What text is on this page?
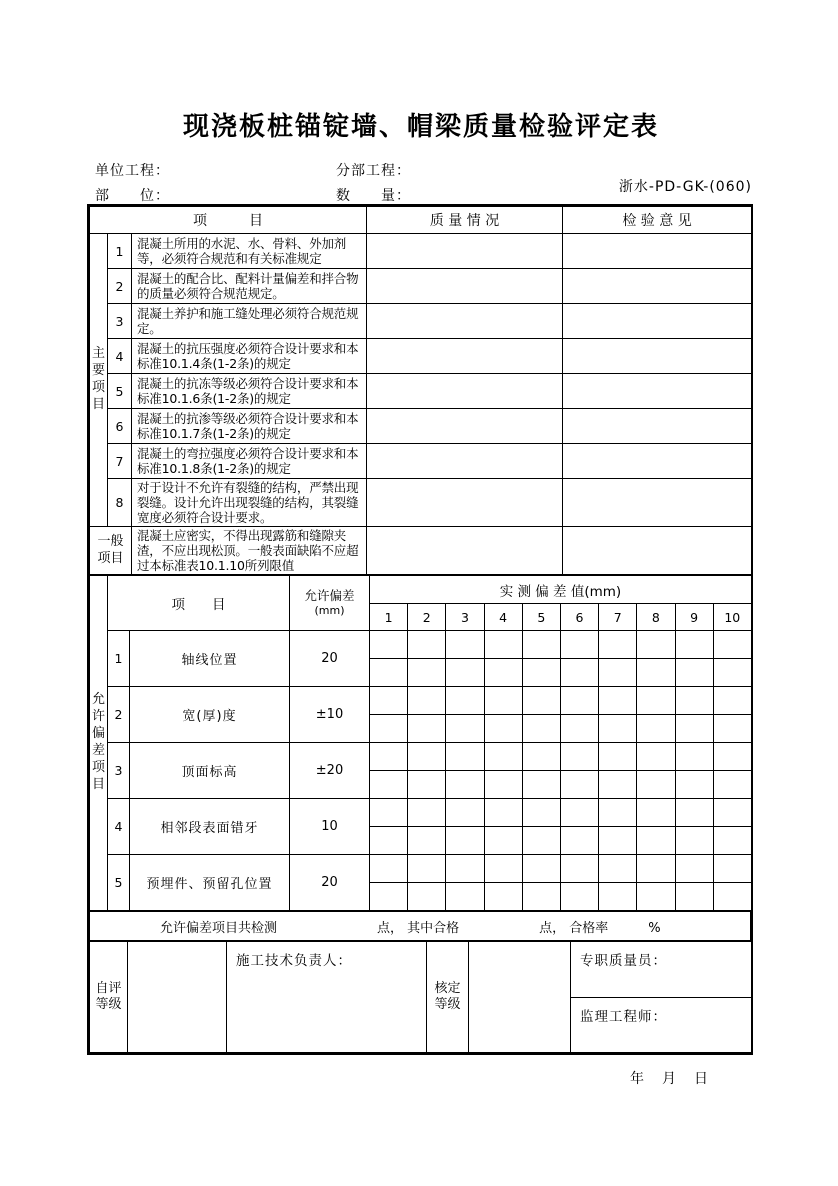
现浇板桩锚锭墙、帽梁质量检验评定表
单位工程：	分部工程：
部　　位：	数　　量：
浙水-PD-GK-(060)
项　　　目			质 量 情 况	检 验 意 见

主要项目	1	混凝土所用的水泥、水、骨料、外加剂等，必须符合规范和有关标准规定		
	2	混凝土的配合比、配料计量偏差和拌合物的质量必须符合规范规定。		
	3	混凝土养护和施工缝处理必须符合规范规定。		
	4	混凝土的抗压强度必须符合设计要求和本标准10.1.4条(1-2条)的规定		
	5	混凝土的抗冻等级必须符合设计要求和本标准10.1.6条(1-2条)的规定		
	6	混凝土的抗渗等级必须符合设计要求和本标准10.1.7条(1-2条)的规定		
	7	混凝土的弯拉强度必须符合设计要求和本标准10.1.8条(1-2条)的规定		
	8	对于设计不允许有裂缝的结构，严禁出现裂缝。设计允许出现裂缝的结构，其裂缝宽度必须符合设计要求。		

一般项目		混凝土应密实，不得出现露筋和缝隙夹渣，不应出现松顶。一般表面缺陷不应超过本标准表10.1.10所列限值		
允许偏差项目	项　　目		允许偏差
(mm)	实 测 偏 差 值(mm)									
				1	2	3	4	5	6	7	8	9	10
	1	轴线位置	20										

	2	宽(厚)度	±10										

	3	顶面标高	±20										

	4	相邻段表面错牙	10										

	5	预埋件、预留孔位置	20										

允许偏差项目共检测	点， 其中合格	点， 合格率	%
自评等级
		施工技术负责人：	
核定等级
		专职质量员：
监理工程师：
年　月　日
